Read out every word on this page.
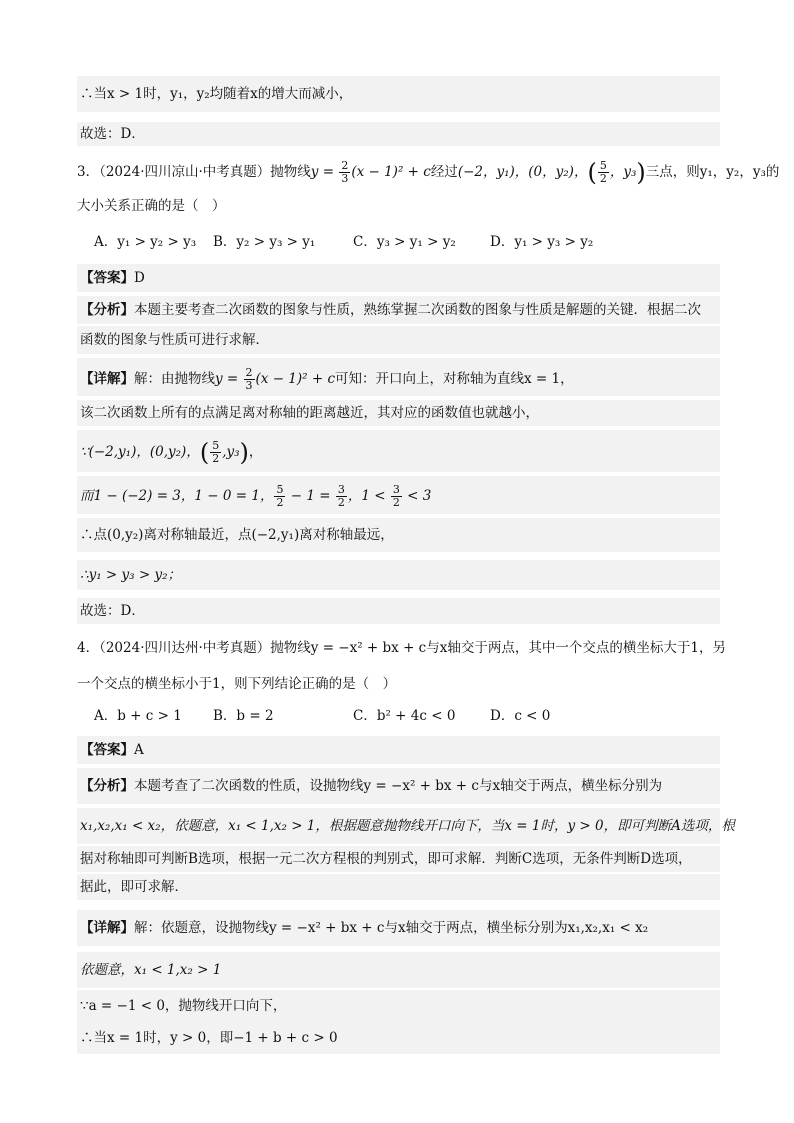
∴当x > 1时，y₁，y₂均随着x的增大而减小，
故选：D．
3．（2024·四川凉山·中考真题）抛物线$y = \frac{2}{3} (x - 1)^2 + c$经过(−2，y₁)，(0，y₂)，( $\frac{5}{2}$ ，y₃)三点，则y₁，y₂，y₃的
大小关系正确的是（　）
A．y₁ > y₂ > y₃ B．y₂ > y₃ > y₁	C．y₃ > y₁ > y₂	D．y₁ > y₃ > y₂
【答案】D
【分析】本题主要考查二次函数的图象与性质，熟练掌握二次函数的图象与性质是解题的关键．根据二次
函数的图象与性质可进行求解．
【详解】解：由抛物线$y = \frac{2}{3} (x - 1)^2 + c$可知：开口向上，对称轴为直线x = 1，
该二次函数上所有的点满足离对称轴的距离越近，其对应的函数值也就越小，
∵(−2,y₁)，(0,y₂)，( $\frac{5}{2} ,y_3$)，
而1 − (−2) = 3，1 − 0 = 1， $\frac{5}{2} - 1 = \frac{3}{2}$ ，$1 < \frac{3}{2} < 3$
∴点(0,y₂)离对称轴最近，点(−2,y₁)离对称轴最远，
∴y₁ > y₃ > y₂；
故选：D．
4．（2024·四川达州·中考真题）抛物线y = −x² + bx + c与x轴交于两点，其中一个交点的横坐标大于1，另
一个交点的横坐标小于1，则下列结论正确的是（　）
A．b + c > 1 B．b = 2	C．b² + 4c < 0	D．c < 0
【答案】A
【分析】本题考查了二次函数的性质，设抛物线y = −x² + bx + c与x轴交于两点，横坐标分别为
x₁,x₂,x₁ < x₂，依题意，x₁ < 1,x₂ > 1，根据题意抛物线开口向下，当x = 1时，y > 0，即可判断A选项，根
据对称轴即可判断B选项，根据一元二次方程根的判别式，即可求解．判断C选项，无条件判断D选项，
据此，即可求解．
【详解】解：依题意，设抛物线y = −x² + bx + c与x轴交于两点，横坐标分别为x₁,x₂,x₁ < x₂
依题意，x₁ < 1,x₂ > 1
∵a = −1 < 0，抛物线开口向下，
∴当x = 1时，y > 0，即−1 + b + c > 0
